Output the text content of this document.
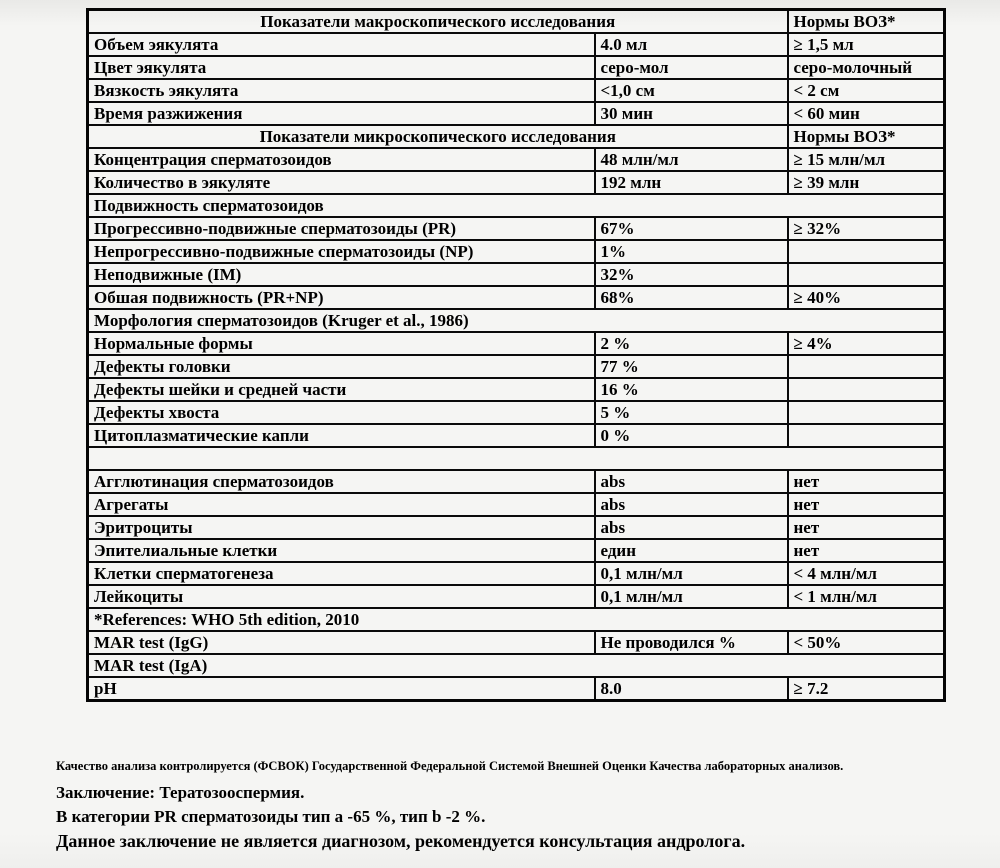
Показатели макроскопического исследования		Нормы ВОЗ*
Объем эякулята	4.0 мл	≥ 1,5 мл
Цвет эякулята	серо-мол	серо-молочный
Вязкость эякулята	<1,0 см	< 2 см
Время разжижения	30 мин	< 60 мин
Показатели микроскопического исследования		Нормы ВОЗ*
Концентрация сперматозоидов	48 млн/мл	≥ 15 млн/мл
Количество в эякуляте	192 млн	≥ 39 млн
Подвижность сперматозоидов		
Прогрессивно-подвижные сперматозоиды (PR)	67%	≥ 32%
Непрогрессивно-подвижные сперматозоиды (NP)	1%	
Неподвижные (IM)	32%	
Обшая подвижность (PR+NP)	68%	≥ 40%
Морфология сперматозоидов (Kruger et al., 1986)		
Нормальные формы	2 %	≥ 4%
Дефекты головки	77 %	
Дефекты шейки и средней части	16 %	
Дефекты хвоста	5 %	
Цитоплазматические капли	0 %	

Агглютинация сперматозоидов	abs	нет
Агрегаты	abs	нет
Эритроциты	abs	нет
Эпителиальные клетки	един	нет
Клетки сперматогенеза	0,1 млн/мл	< 4 млн/мл
Лейкоциты	0,1 млн/мл	< 1 млн/мл
*References: WHO 5th edition, 2010		
MAR test (IgG)	Не проводился %	< 50%
MAR test (IgA)		
pH	8.0	≥ 7.2

Качество анализа контролируется (ФСВОК) Государственной Федеральной Системой Внешней Оценки Качества лабораторных анализов.

Заключение: Тератозооспермия.

В категории PR сперматозоиды тип a -65 %, тип b -2 %.

Данное заключение не является диагнозом, рекомендуется консультация андролога.
